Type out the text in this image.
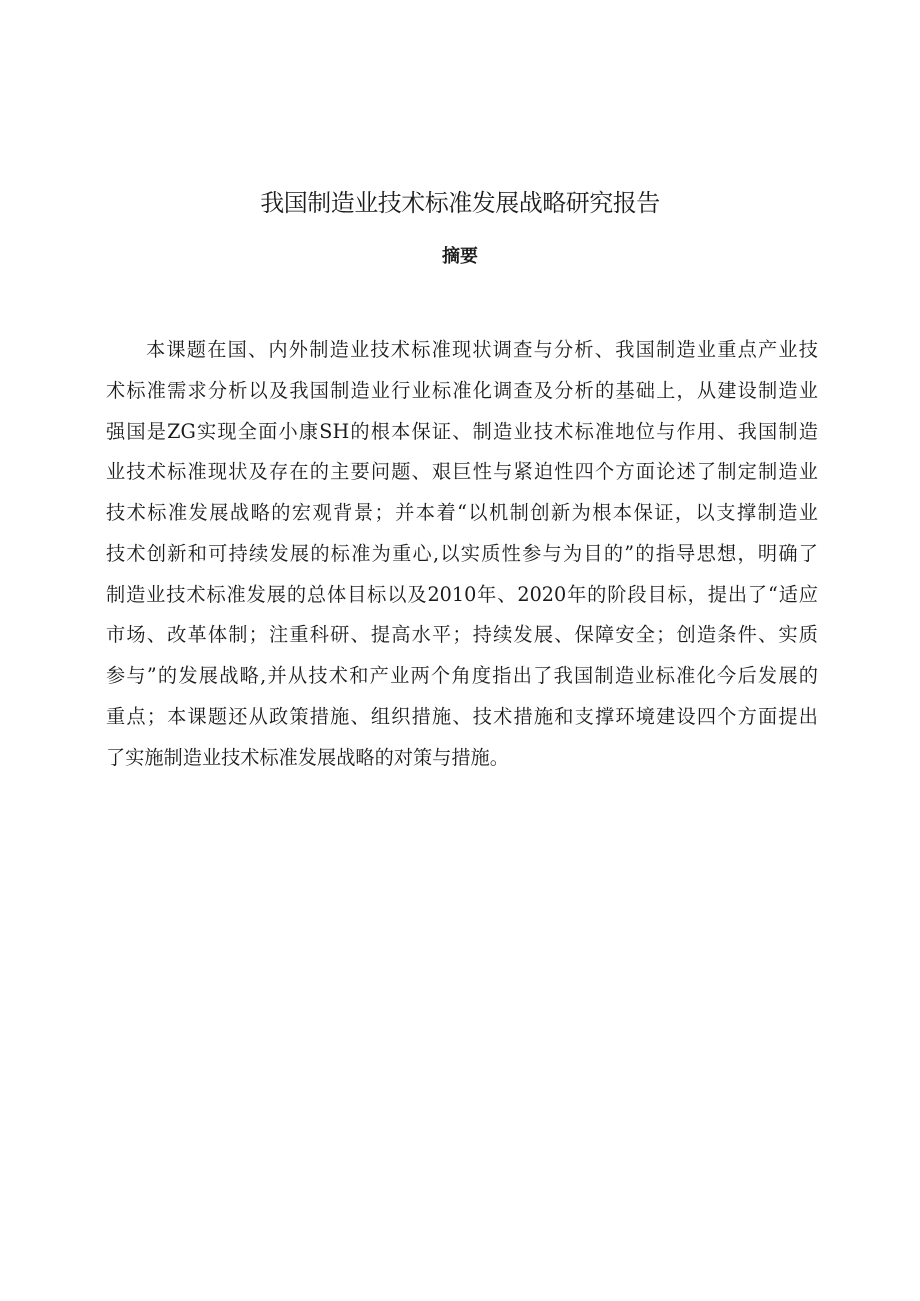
我国制造业技术标准发展战略研究报告
摘要
本课题在国、内外制造业技术标准现状调查与分析、我国制造业重点产业技
术标准需求分析以及我国制造业行业标准化调查及分析的基础上，从建设制造业
强国是ZG实现全面小康SH的根本保证、制造业技术标准地位与作用、我国制造
业技术标准现状及存在的主要问题、艰巨性与紧迫性四个方面论述了制定制造业
技术标准发展战略的宏观背景；并本着“以机制创新为根本保证，以支撑制造业
技术创新和可持续发展的标准为重心,以实质性参与为目的”的指导思想，明确了
制造业技术标准发展的总体目标以及2010年、2020年的阶段目标，提出了“适应
市场、改革体制；注重科研、提高水平；持续发展、保障安全；创造条件、实质
参与”的发展战略,并从技术和产业两个角度指出了我国制造业标准化今后发展的
重点；本课题还从政策措施、组织措施、技术措施和支撑环境建设四个方面提出
了实施制造业技术标准发展战略的对策与措施。
